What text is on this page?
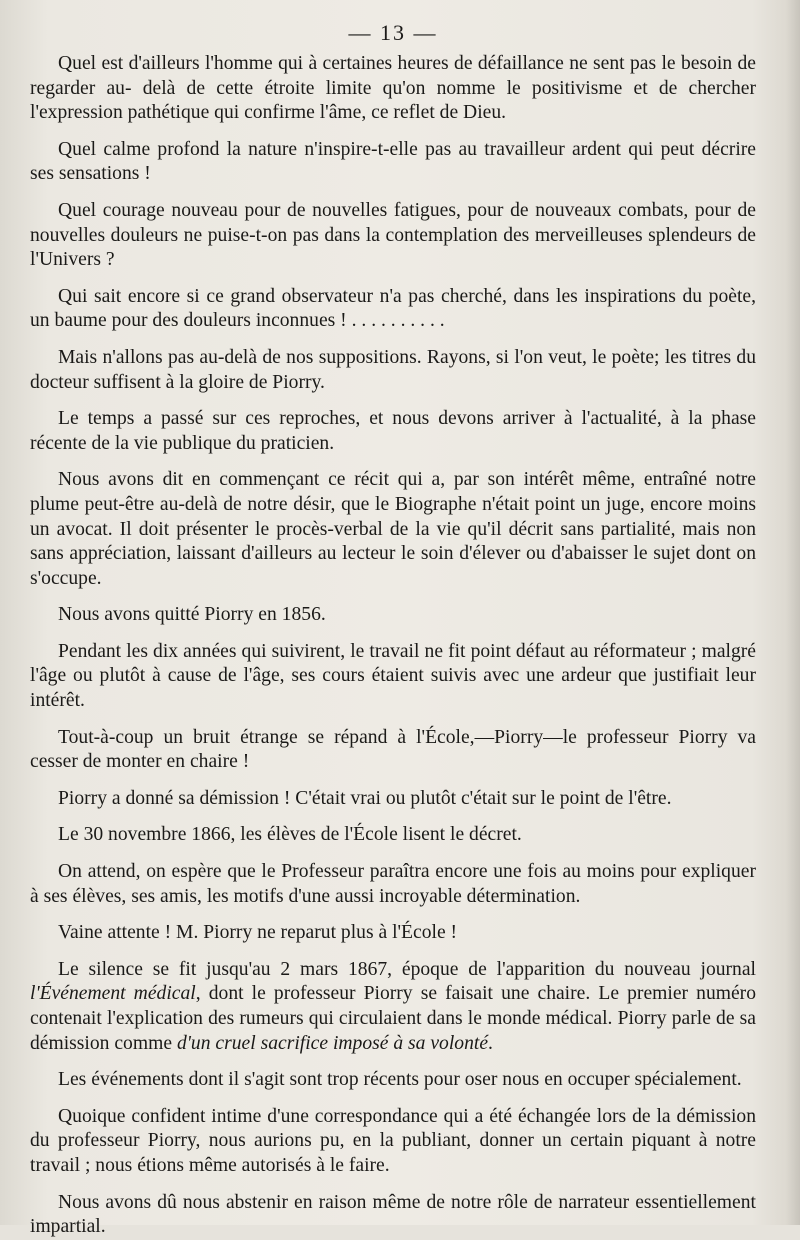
— 13 —

Quel est d'ailleurs l'homme qui à certaines heures de défaillance ne sent pas le besoin de regarder au- delà de cette étroite limite qu'on nomme le positivisme et de chercher l'expression pathétique qui confirme l'âme, ce reflet de Dieu.

Quel calme profond la nature n'inspire-t-elle pas au travailleur ardent qui peut décrire ses sensations !

Quel courage nouveau pour de nouvelles fatigues, pour de nouveaux combats, pour de nouvelles douleurs ne puise-t-on pas dans la contemplation des merveilleuses splendeurs de l'Univers ?

Qui sait encore si ce grand observateur n'a pas cherché, dans les inspirations du poète, un baume pour des douleurs inconnues ! . . . . . . . . . .

Mais n'allons pas au-delà de nos suppositions. Rayons, si l'on veut, le poète; les titres du docteur suffisent à la gloire de Piorry.

Le temps a passé sur ces reproches, et nous devons arriver à l'actualité, à la phase récente de la vie publique du praticien.

Nous avons dit en commençant ce récit qui a, par son intérêt même, entraîné notre plume peut-être au-delà de notre désir, que le Biographe n'était point un juge, encore moins un avocat. Il doit présenter le procès-verbal de la vie qu'il décrit sans partialité, mais non sans appréciation, laissant d'ailleurs au lecteur le soin d'élever ou d'abaisser le sujet dont on s'occupe.

Nous avons quitté Piorry en 1856.

Pendant les dix années qui suivirent, le travail ne fit point défaut au réformateur ; malgré l'âge ou plutôt à cause de l'âge, ses cours étaient suivis avec une ardeur que justifiait leur intérêt.

Tout-à-coup un bruit étrange se répand à l'École,—Piorry—le professeur Piorry va cesser de monter en chaire !

Piorry a donné sa démission ! C'était vrai ou plutôt c'était sur le point de l'être.

Le 30 novembre 1866, les élèves de l'École lisent le décret.

On attend, on espère que le Professeur paraîtra encore une fois au moins pour expliquer à ses élèves, ses amis, les motifs d'une aussi incroyable détermination.

Vaine attente ! M. Piorry ne reparut plus à l'École !

Le silence se fit jusqu'au 2 mars 1867, époque de l'apparition du nouveau journal l'Événement médical, dont le professeur Piorry se faisait une chaire. Le premier numéro contenait l'explication des rumeurs qui circulaient dans le monde médical. Piorry parle de sa démission comme d'un cruel sacrifice imposé à sa volonté.

Les événements dont il s'agit sont trop récents pour oser nous en occuper spécialement.

Quoique confident intime d'une correspondance qui a été échangée lors de la démission du professeur Piorry, nous aurions pu, en la publiant, donner un certain piquant à notre travail ; nous étions même autorisés à le faire.

Nous avons dû nous abstenir en raison même de notre rôle de narrateur essentiellement impartial.
